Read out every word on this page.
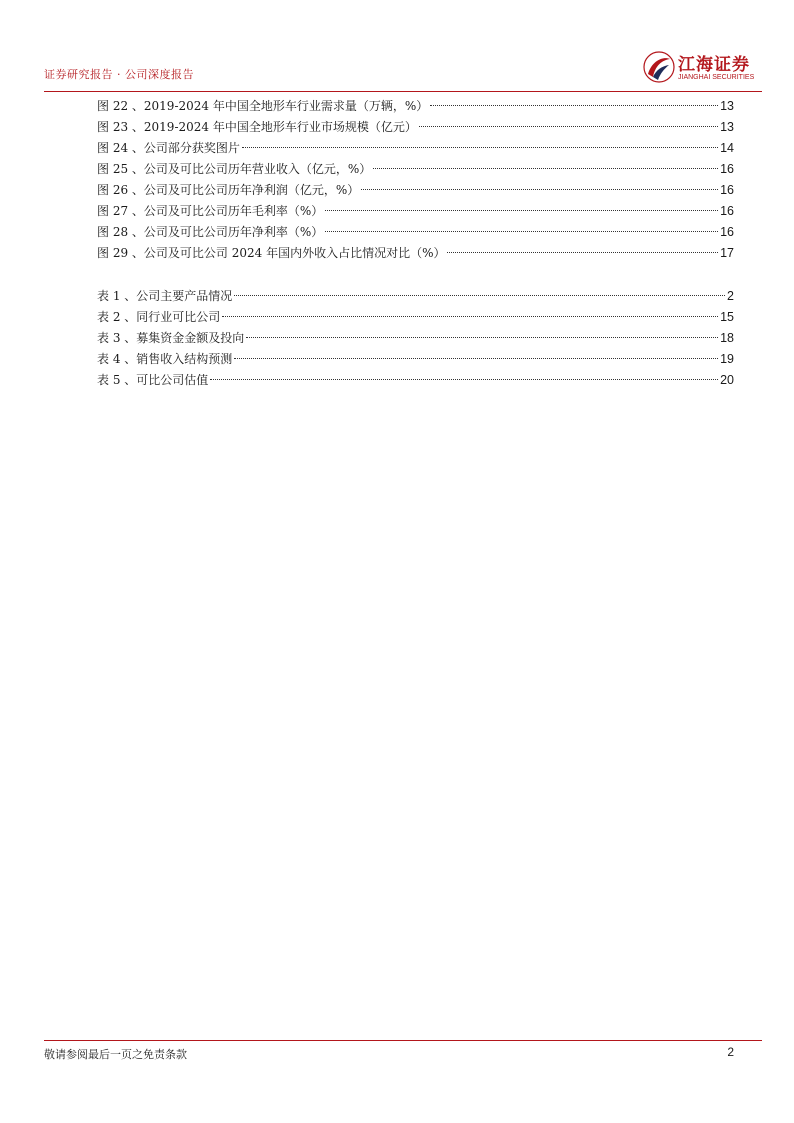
证券研究报告 · 公司深度报告	江海证券
JIANGHAI SECURITIES
图 22 、2019-2024 年中国全地形车行业需求量（万辆，%）	13
图 23 、2019-2024 年中国全地形车行业市场规模（亿元）	13
图 24 、公司部分获奖图片	14
图 25 、公司及可比公司历年营业收入（亿元，%）	16
图 26 、公司及可比公司历年净利润（亿元，%）	16
图 27 、公司及可比公司历年毛利率（%）	16
图 28 、公司及可比公司历年净利率（%）	16
图 29 、公司及可比公司 2024 年国内外收入占比情况对比（%）	17
表 1 、公司主要产品情况	2
表 2 、同行业可比公司	15
表 3 、募集资金金额及投向	18
表 4 、销售收入结构预测	19
表 5 、可比公司估值	20
敬请参阅最后一页之免责条款	2
